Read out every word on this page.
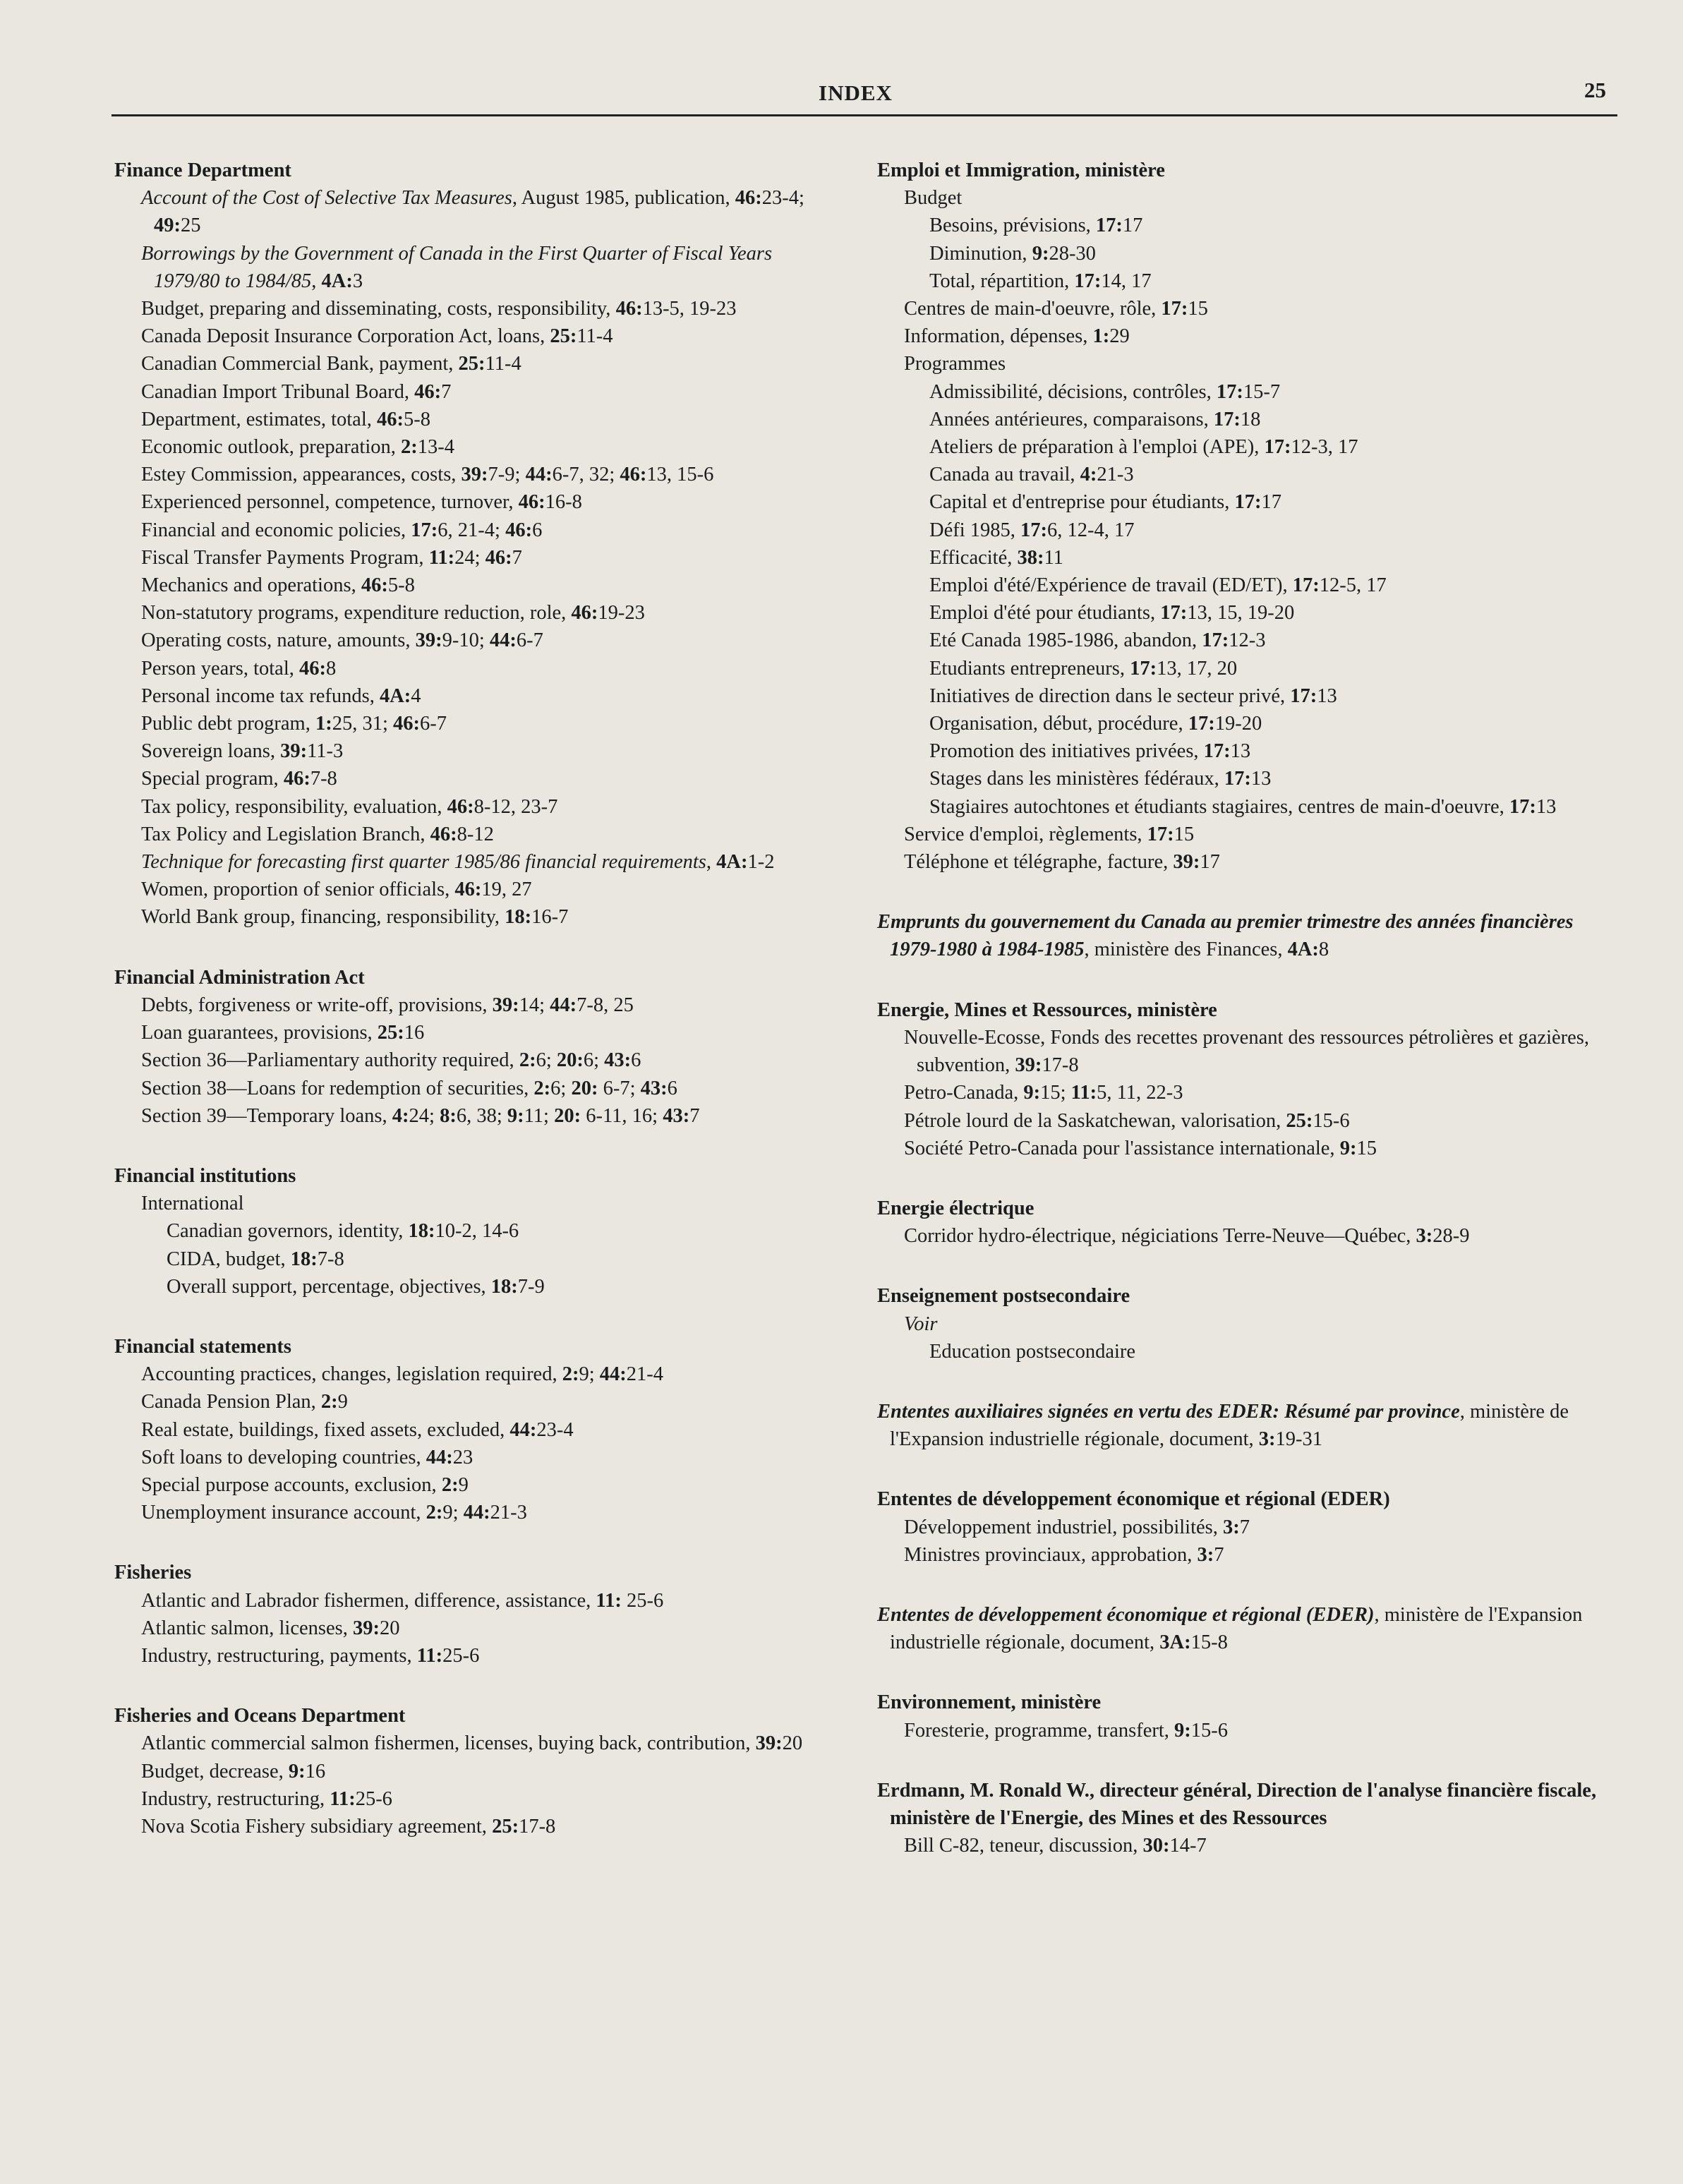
INDEX	25
Finance Department
Account of the Cost of Selective Tax Measures, August 1985, publication, 46:23-4; 49:25
Borrowings by the Government of Canada in the First Quarter of Fiscal Years 1979/80 to 1984/85, 4A:3
Budget, preparing and disseminating, costs, responsibility, 46:13-5, 19-23
Canada Deposit Insurance Corporation Act, loans, 25:11-4
Canadian Commercial Bank, payment, 25:11-4
Canadian Import Tribunal Board, 46:7
Department, estimates, total, 46:5-8
Economic outlook, preparation, 2:13-4
Estey Commission, appearances, costs, 39:7-9; 44:6-7, 32; 46:13, 15-6
Experienced personnel, competence, turnover, 46:16-8
Financial and economic policies, 17:6, 21-4; 46:6
Fiscal Transfer Payments Program, 11:24; 46:7
Mechanics and operations, 46:5-8
Non-statutory programs, expenditure reduction, role, 46:19-23
Operating costs, nature, amounts, 39:9-10; 44:6-7
Person years, total, 46:8
Personal income tax refunds, 4A:4
Public debt program, 1:25, 31; 46:6-7
Sovereign loans, 39:11-3
Special program, 46:7-8
Tax policy, responsibility, evaluation, 46:8-12, 23-7
Tax Policy and Legislation Branch, 46:8-12
Technique for forecasting first quarter 1985/86 financial requirements, 4A:1-2
Women, proportion of senior officials, 46:19, 27
World Bank group, financing, responsibility, 18:16-7
Financial Administration Act
Debts, forgiveness or write-off, provisions, 39:14; 44:7-8, 25
Loan guarantees, provisions, 25:16
Section 36—Parliamentary authority required, 2:6; 20:6; 43:6
Section 38—Loans for redemption of securities, 2:6; 20: 6-7; 43:6
Section 39—Temporary loans, 4:24; 8:6, 38; 9:11; 20: 6-11, 16; 43:7
Financial institutions
International
Canadian governors, identity, 18:10-2, 14-6
CIDA, budget, 18:7-8
Overall support, percentage, objectives, 18:7-9
Financial statements
Accounting practices, changes, legislation required, 2:9; 44:21-4
Canada Pension Plan, 2:9
Real estate, buildings, fixed assets, excluded, 44:23-4
Soft loans to developing countries, 44:23
Special purpose accounts, exclusion, 2:9
Unemployment insurance account, 2:9; 44:21-3
Fisheries
Atlantic and Labrador fishermen, difference, assistance, 11: 25-6
Atlantic salmon, licenses, 39:20
Industry, restructuring, payments, 11:25-6
Fisheries and Oceans Department
Atlantic commercial salmon fishermen, licenses, buying back, contribution, 39:20
Budget, decrease, 9:16
Industry, restructuring, 11:25-6
Nova Scotia Fishery subsidiary agreement, 25:17-8
Emploi et Immigration, ministère
Budget
Besoins, prévisions, 17:17
Diminution, 9:28-30
Total, répartition, 17:14, 17
Centres de main-d'oeuvre, rôle, 17:15
Information, dépenses, 1:29
Programmes
Admissibilité, décisions, contrôles, 17:15-7
Années antérieures, comparaisons, 17:18
Ateliers de préparation à l'emploi (APE), 17:12-3, 17
Canada au travail, 4:21-3
Capital et d'entreprise pour étudiants, 17:17
Défi 1985, 17:6, 12-4, 17
Efficacité, 38:11
Emploi d'été/Expérience de travail (ED/ET), 17:12-5, 17
Emploi d'été pour étudiants, 17:13, 15, 19-20
Eté Canada 1985-1986, abandon, 17:12-3
Etudiants entrepreneurs, 17:13, 17, 20
Initiatives de direction dans le secteur privé, 17:13
Organisation, début, procédure, 17:19-20
Promotion des initiatives privées, 17:13
Stages dans les ministères fédéraux, 17:13
Stagiaires autochtones et étudiants stagiaires, centres de main-d'oeuvre, 17:13
Service d'emploi, règlements, 17:15
Téléphone et télégraphe, facture, 39:17
Emprunts du gouvernement du Canada au premier trimestre des années financières 1979-1980 à 1984-1985, ministère des Finances, 4A:8
Energie, Mines et Ressources, ministère
Nouvelle-Ecosse, Fonds des recettes provenant des ressources pétrolières et gazières, subvention, 39:17-8
Petro-Canada, 9:15; 11:5, 11, 22-3
Pétrole lourd de la Saskatchewan, valorisation, 25:15-6
Société Petro-Canada pour l'assistance internationale, 9:15
Energie électrique
Corridor hydro-électrique, négiciations Terre-Neuve—Québec, 3:28-9
Enseignement postsecondaire
Voir
Education postsecondaire
Ententes auxiliaires signées en vertu des EDER: Résumé par province, ministère de l'Expansion industrielle régionale, document, 3:19-31
Ententes de développement économique et régional (EDER)
Développement industriel, possibilités, 3:7
Ministres provinciaux, approbation, 3:7
Ententes de développement économique et régional (EDER), ministère de l'Expansion industrielle régionale, document, 3A:15-8
Environnement, ministère
Foresterie, programme, transfert, 9:15-6
Erdmann, M. Ronald W., directeur général, Direction de l'analyse financière fiscale, ministère de l'Energie, des Mines et des Ressources
Bill C-82, teneur, discussion, 30:14-7
